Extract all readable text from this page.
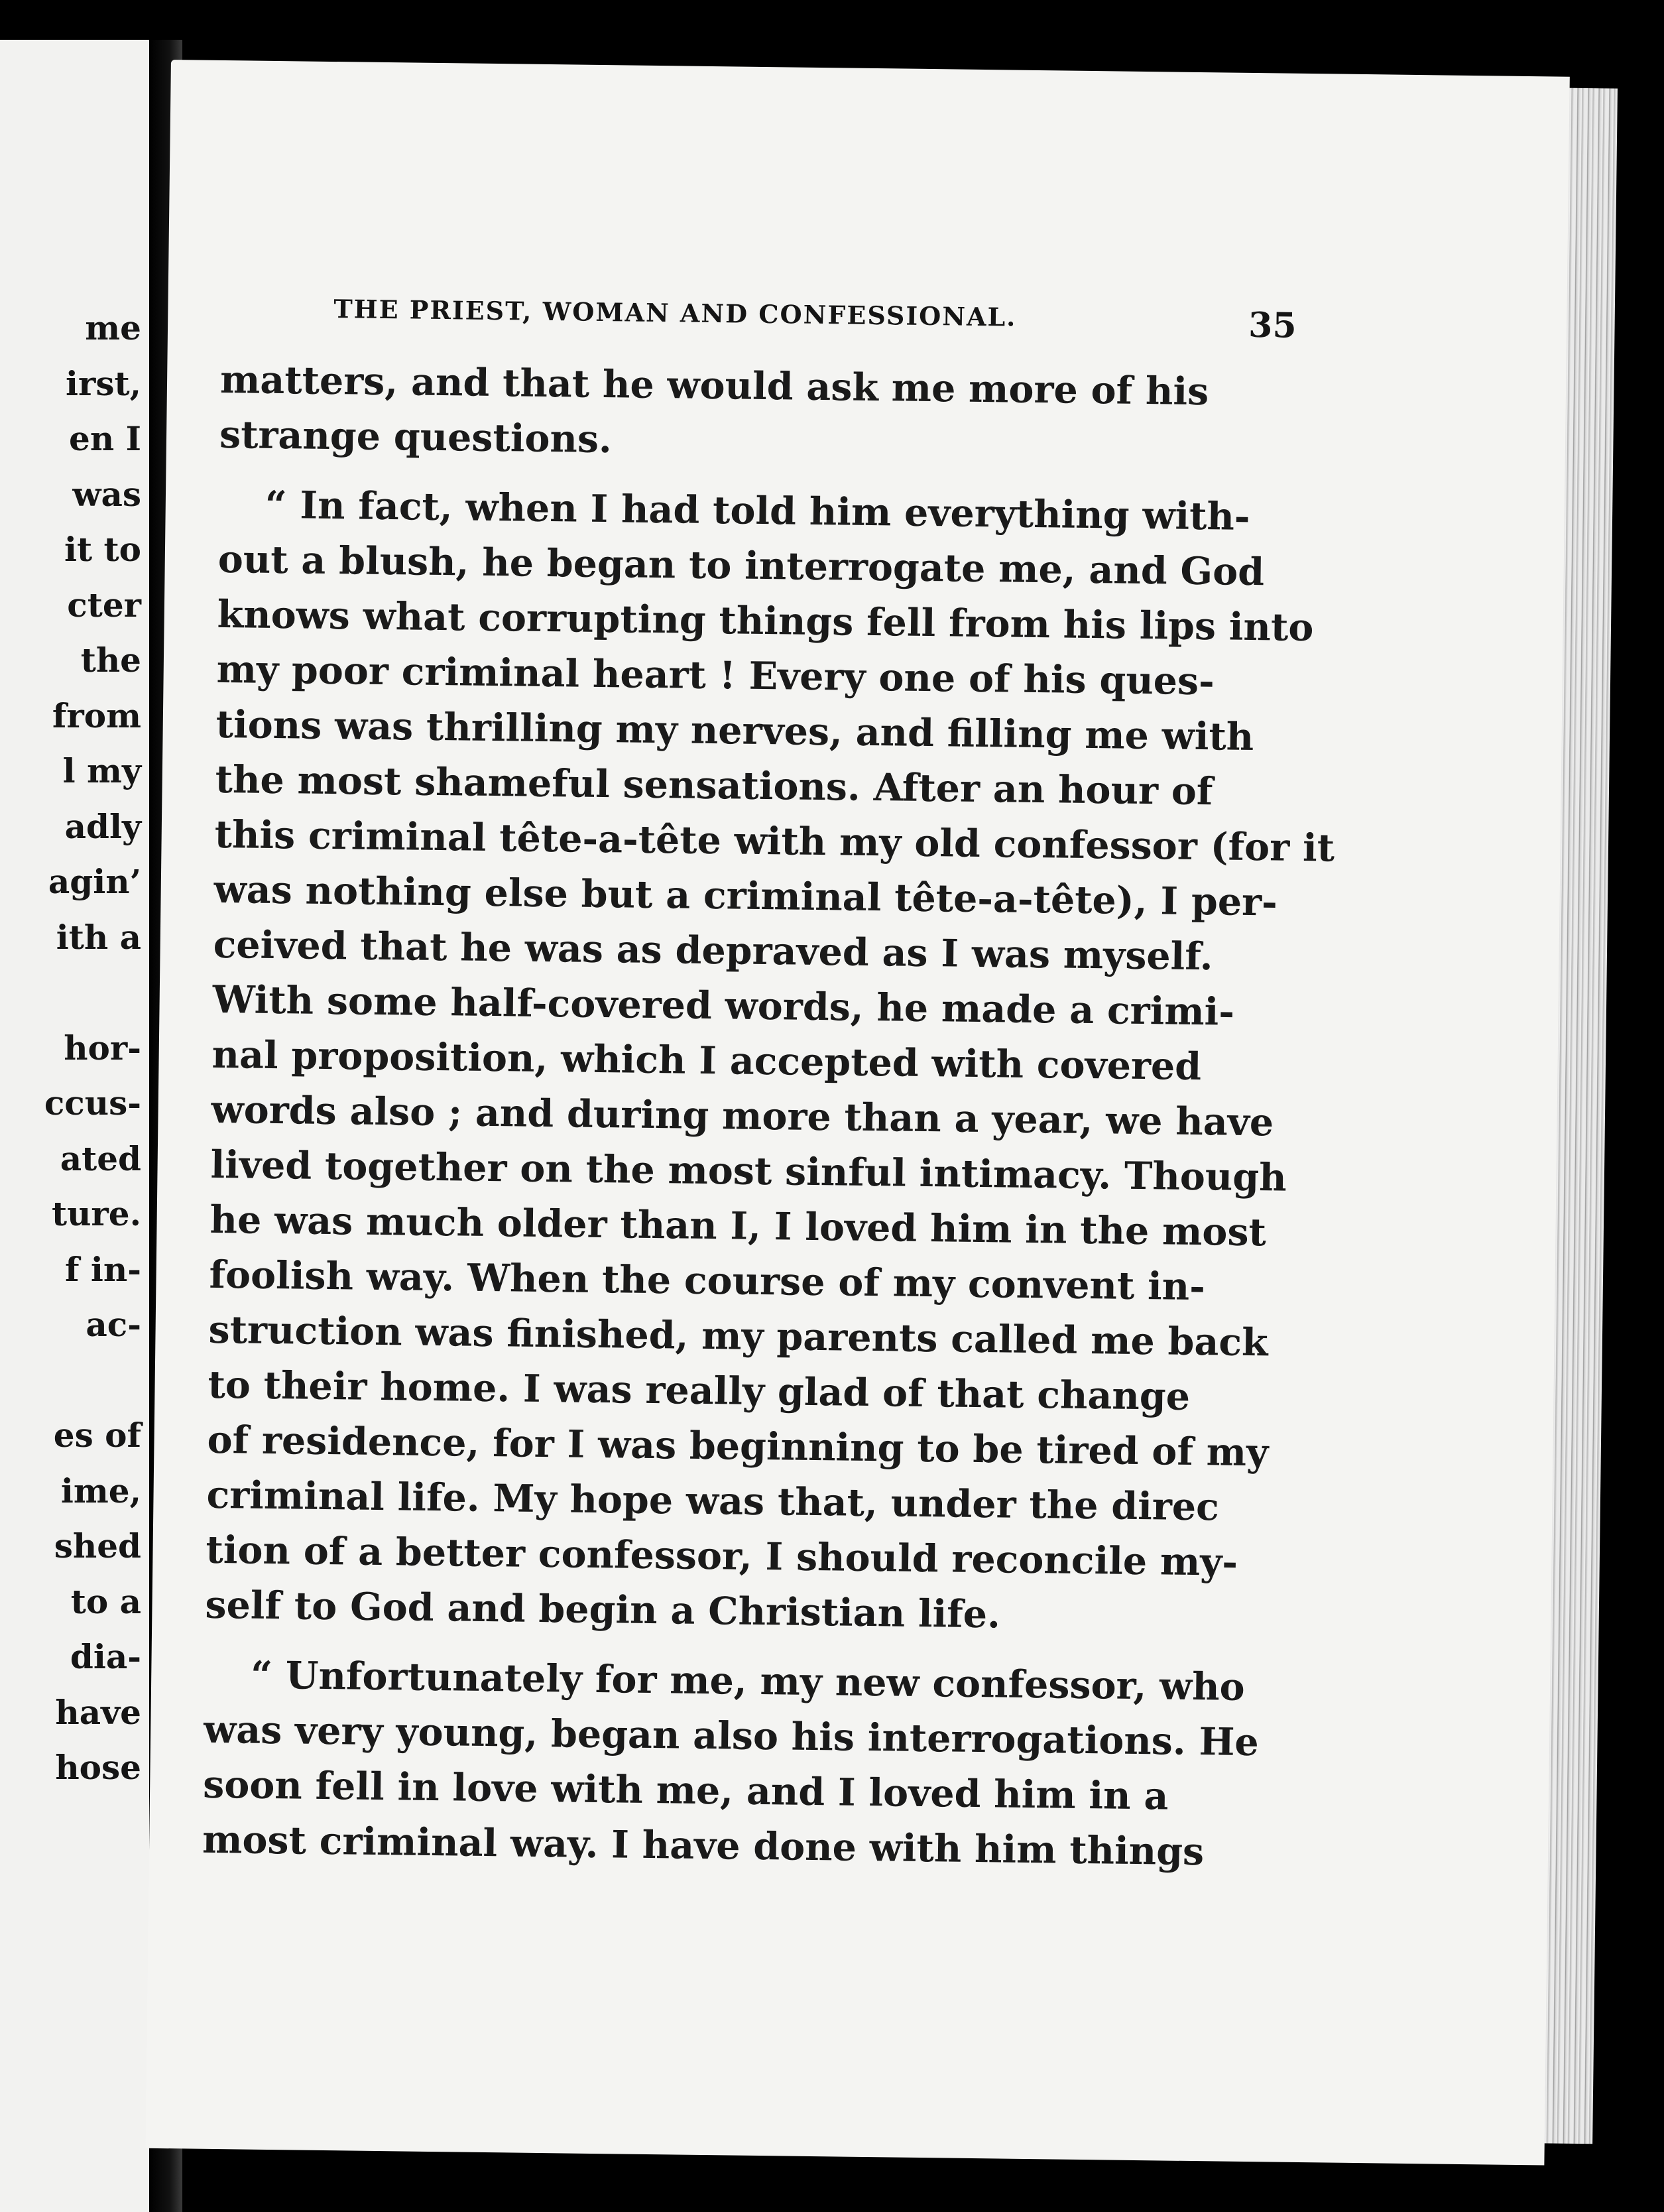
me
irst,
en I
was
it to
cter
the
from
l my
adly
agin’
ith a
hor-
ccus-
ated
ture.
f in-
ac-
es of
ime,
shed
to a
dia-
have
hose
THE PRIEST, WOMAN AND CONFESSIONAL.	35
matters, and that he would ask me more of his
strange questions.
“ In fact, when I had told him everything with-
out a blush, he began to interrogate me, and God
knows what corrupting things fell from his lips into
my poor criminal heart ! Every one of his ques-
tions was thrilling my nerves, and filling me with
the most shameful sensations. After an hour of
this criminal tête-a-tête with my old confessor (for it
was nothing else but a criminal tête-a-tête), I per-
ceived that he was as depraved as I was myself.
With some half-covered words, he made a crimi-
nal proposition, which I accepted with covered
words also ; and during more than a year, we have
lived together on the most sinful intimacy. Though
he was much older than I, I loved him in the most
foolish way. When the course of my convent in-
struction was finished, my parents called me back
to their home. I was really glad of that change
of residence, for I was beginning to be tired of my
criminal life. My hope was that, under the direc
tion of a better confessor, I should reconcile my-
self to God and begin a Christian life.
“ Unfortunately for me, my new confessor, who
was very young, began also his interrogations. He
soon fell in love with me, and I loved him in a
most criminal way. I have done with him things
